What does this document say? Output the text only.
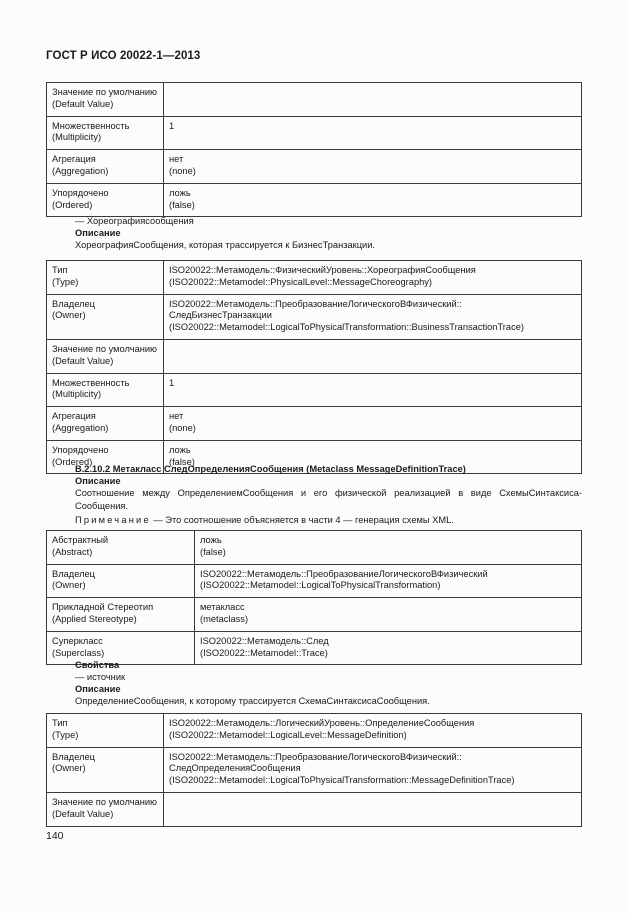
ГОСТ Р ИСО 20022-1—2013
Значение по умолчанию
(Default Value)	

Множественность
(Multiplicity)	1

Агрегация
(Aggregation)	нет
(none)

Упорядочено
(Ordered)	ложь
(false)
— Хореографиясообщения
Описание
ХореографияСообщения, которая трассируется к БизнесТранзакции.
Тип
(Type)	ISO20022::Метамодель::ФизическийУровень::ХореографияСообщения
(ISO20022::Metamodel::PhysicalLevel::MessageChoreography)

Владелец
(Owner)	ISO20022::Метамодель::ПреобразованиеЛогическогоВФизический::
СледБизнесТранзакции
(ISO20022::Metamodel::LogicalToPhysicalTransformation::BusinessTransactionTrace)

Значение по умолчанию
(Default Value)	

Множественность
(Multiplicity)	1

Агрегация
(Aggregation)	нет
(none)

Упорядочено
(Ordered)	ложь
(false)
B.2.10.2 Метакласс СледОпределенияСообщения (Metaclass MessageDefinitionTrace)
Описание
Соотношение между ОпределениемСообщения и его физической реализацией в виде СхемыСинтаксиса-Сообщения.
Примечание — Это соотношение объясняется в части 4 — генерация схемы XML.
Абстрактный
(Abstract)	ложь
(false)

Владелец
(Owner)	ISO20022::Метамодель::ПреобразованиеЛогическогоВФизический
(ISO20022::Metamodel::LogicalToPhysicalTransformation)

Прикладной Стереотип
(Applied Stereotype)	метакласс
(metaclass)

Суперкласс
(Superclass)	ISO20022::Метамодель::След
(ISO20022::Metamodel::Trace)
Свойства
— источник
Описание
ОпределениеСообщения, к которому трассируется СхемаСинтаксисаСообщения.
Тип
(Type)	ISO20022::Метамодель::ЛогическийУровень::ОпределениеСообщения
(ISO20022::Metamodel::LogicalLevel::MessageDefinition)

Владелец
(Owner)	ISO20022::Метамодель::ПреобразованиеЛогическогоВФизический::
СледОпределенияСообщения
(ISO20022::Metamodel::LogicalToPhysicalTransformation::MessageDefinitionTrace)

Значение по умолчанию
(Default Value)	

140
